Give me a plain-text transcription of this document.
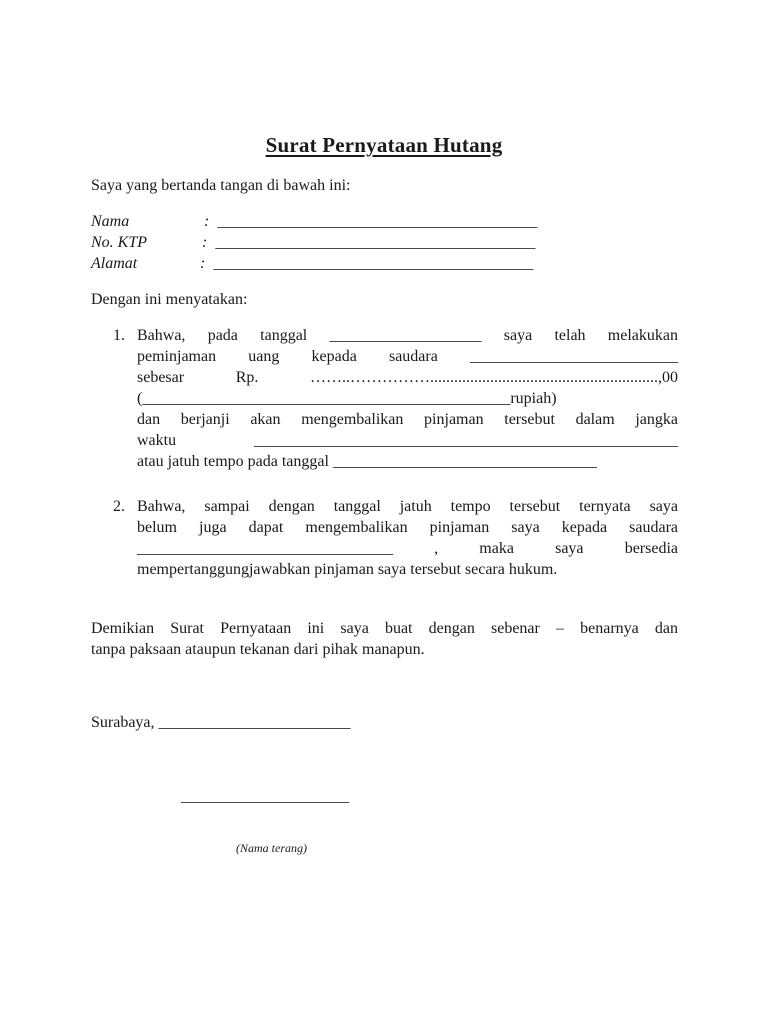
Surat Pernyataan Hutang
Saya yang bertanda tangan di bawah ini:
Nama	: ________________________________________
No. KTP	: ________________________________________
Alamat	: ________________________________________
Dengan ini menyatakan:
1. Bahwa, pada tanggal ___________________ saya telah melakukan
peminjaman uang kepada saudara __________________________
sebesar Rp. ……..…………….........................................................,00
(______________________________________________rupiah)
dan berjanji akan mengembalikan pinjaman tersebut dalam jangka
waktu _____________________________________________________
atau jatuh tempo pada tanggal _________________________________
2. Bahwa, sampai dengan tanggal jatuh tempo tersebut ternyata saya
belum juga dapat mengembalikan pinjaman saya kepada saudara
________________________________ , maka saya bersedia
mempertanggungjawabkan pinjaman saya tersebut secara hukum.
Demikian Surat Pernyataan ini saya buat dengan sebenar – benarnya dan
tanpa paksaan ataupun tekanan dari pihak manapun.
Surabaya, ________________________
_____________________
(Nama terang)
